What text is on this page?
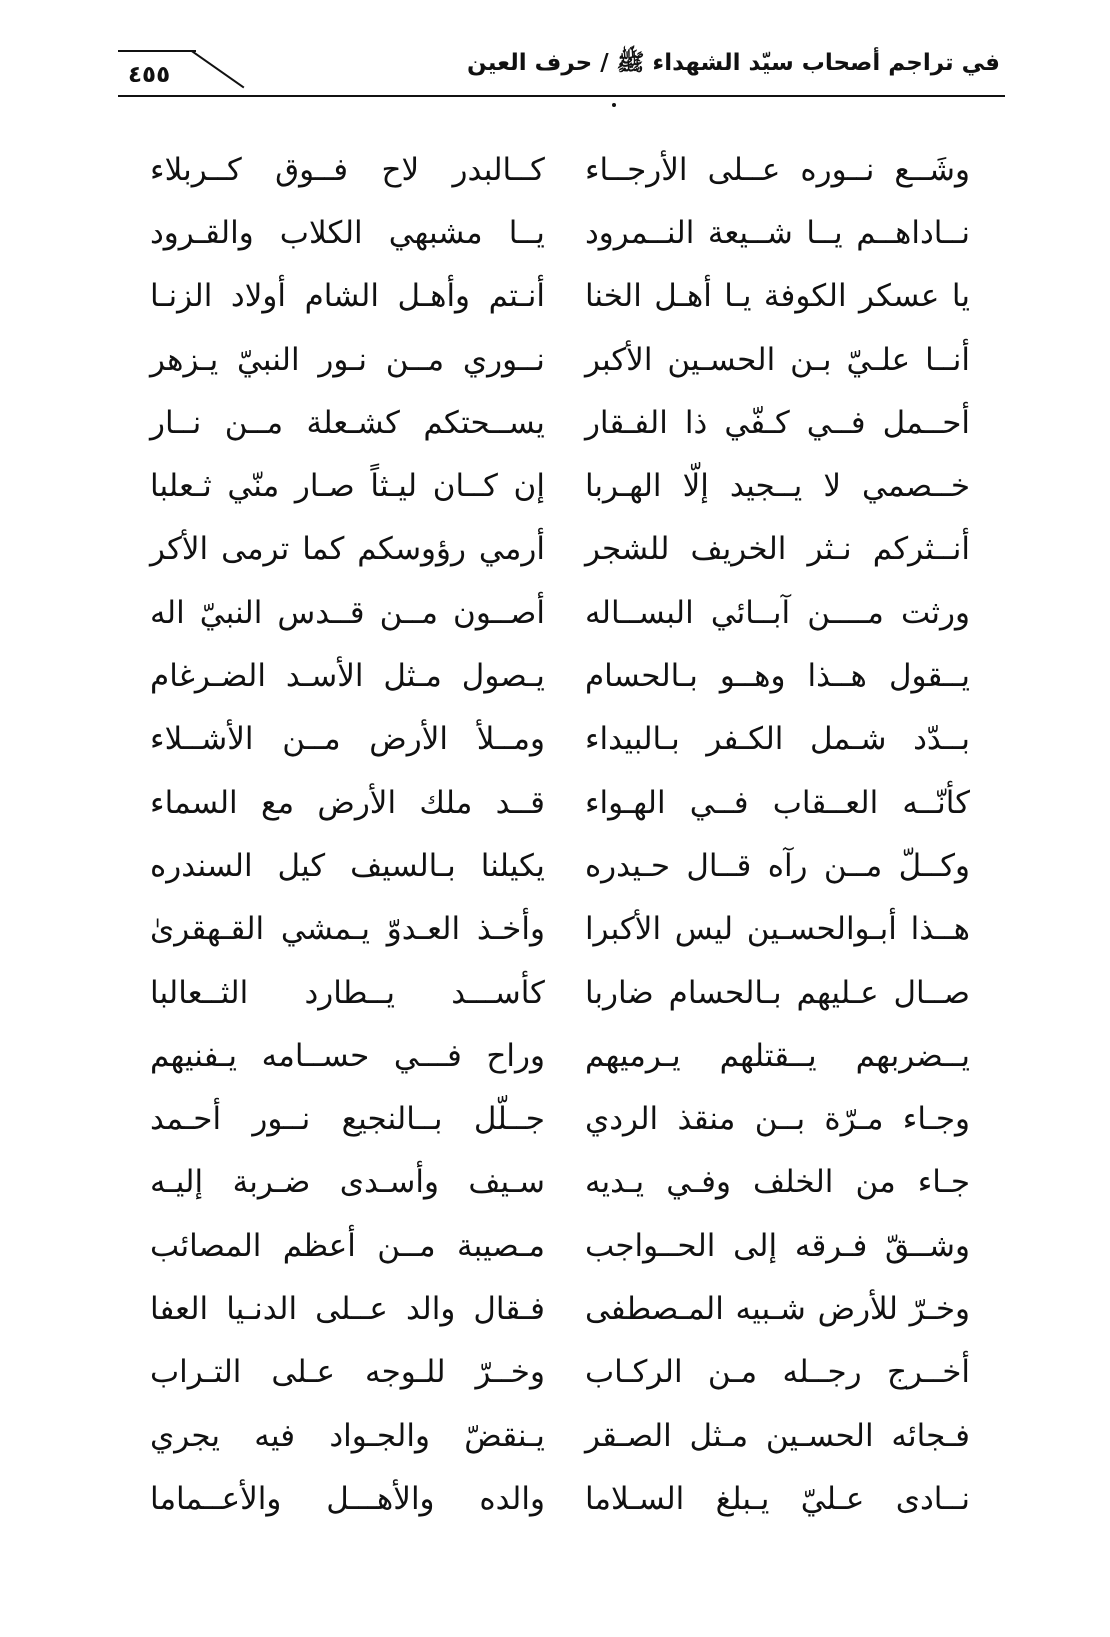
في تراجم أصحاب سيّد الشهداء ﷺ / حرف العين
٤٥٥
وشَــع نــوره عــلى الأرجــاء
كــالبدر لاح فــوق كــربلاء
نــاداهــم يــا شــيعة النــمرود
يــا مشبهي الكلاب والقـرود
يا عسكر الكوفة يـا أهـل الخنا
أنـتم وأهـل الشام أولاد الزنـا
أنــا علـيّ بـن الحسـين الأكبر
نــوري مــن نـور النبيّ يـزهر
أحــمل فــي كـفّي ذا الفـقار
يســحتكم كشـعلة مــن نــار
خــصمي لا يــجيد إلّا الهـربا
إن كــان ليـثاً صـار منّي ثـعلبا
أنــثركم نـثر الخريف للشجر
أرمي رؤوسكم كما ترمى الأكر
ورثت مــــن آبــائي البســاله
أصــون مــن قــدس النبيّ اله
يــقول هــذا وهــو بـالحسام
يـصول مـثل الأسـد الضـرغام
بــدّد شـمل الكـفر بـالبيداء
ومــلأ الأرض مــن الأشــلاء
كأنّــه العــقاب فــي الهـواء
قــد ملك الأرض مع السماء
وكــلّ مــن رآه قــال حـيدره
يكيلنا بـالسيف كيل السندره
هــذا أبـوالحسـين ليس الأكبرا
وأخـذ العـدوّ يـمشي القـهقرىٰ
صــال عـليهم بـالحسام ضاربا
كأســـد يــطارد الثــعالبا
يــضربهم يــقتلهم يـرميهم
وراح فـــي حســامه يـفنيهم
وجـاء مـرّة بــن منقذ الردي
جــلّل بــالنجيع نــور أحـمد
جـاء من الخلف وفـي يـديه
سـيف وأسـدى ضـربة إليـه
وشــقّ فـرقه إلى الحــواجب
مـصيبة مــن أعظم المصائب
وخـرّ للأرض شـبيه المـصطفى
فـقال والد عــلى الدنـيا العفا
أخــرج رجــله مـن الركـاب
وخــرّ للـوجه عـلى التـراب
فـجائه الحسـين مـثل الصـقر
يـنقضّ والجـواد فيه يجري
نــادى عـليّ يـبلغ السـلاما
والده والأهـــل والأعــماما
